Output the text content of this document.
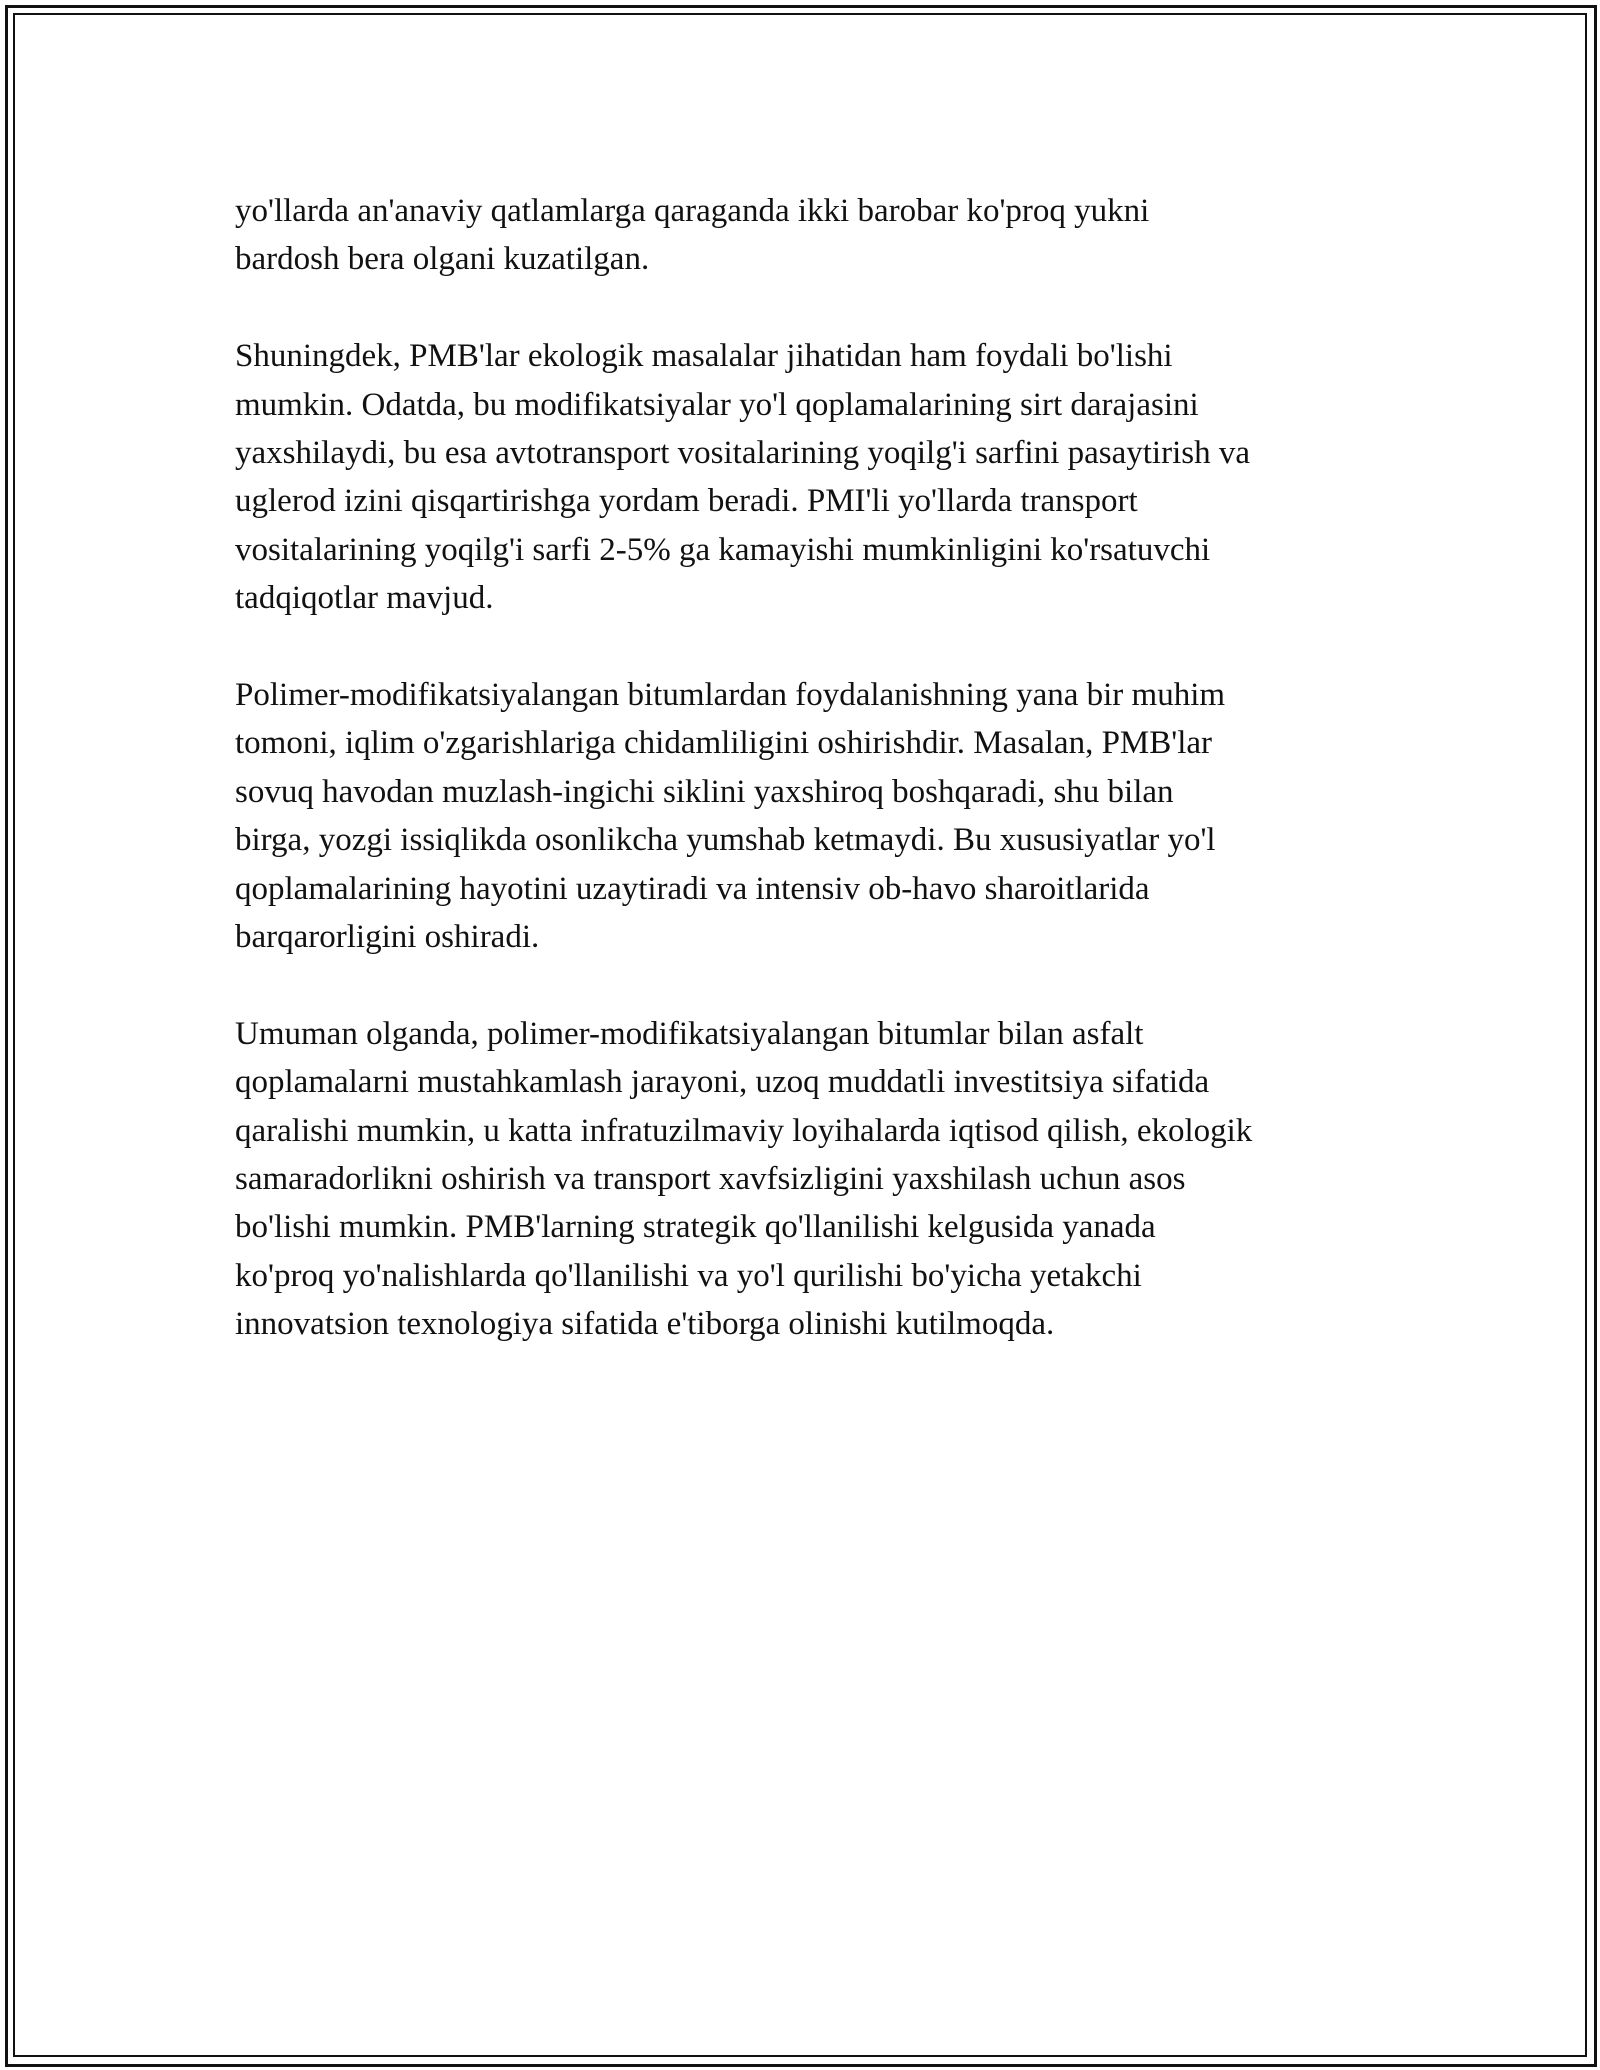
yo'llarda an'anaviy qatlamlarga qaraganda ikki barobar ko'proq yukni
bardosh bera olgani kuzatilgan.

Shuningdek, PMB'lar ekologik masalalar jihatidan ham foydali bo'lishi
mumkin. Odatda, bu modifikatsiyalar yo'l qoplamalarining sirt darajasini
yaxshilaydi, bu esa avtotransport vositalarining yoqilg'i sarfini pasaytirish va
uglerod izini qisqartirishga yordam beradi. PMI'li yo'llarda transport
vositalarining yoqilg'i sarfi 2-5% ga kamayishi mumkinligini ko'rsatuvchi
tadqiqotlar mavjud.

Polimer-modifikatsiyalangan bitumlardan foydalanishning yana bir muhim
tomoni, iqlim o'zgarishlariga chidamliligini oshirishdir. Masalan, PMB'lar
sovuq havodan muzlash-ingichi siklini yaxshiroq boshqaradi, shu bilan
birga, yozgi issiqlikda osonlikcha yumshab ketmaydi. Bu xususiyatlar yo'l
qoplamalarining hayotini uzaytiradi va intensiv ob-havo sharoitlarida
barqarorligini oshiradi.

Umuman olganda, polimer-modifikatsiyalangan bitumlar bilan asfalt
qoplamalarni mustahkamlash jarayoni, uzoq muddatli investitsiya sifatida
qaralishi mumkin, u katta infratuzilmaviy loyihalarda iqtisod qilish, ekologik
samaradorlikni oshirish va transport xavfsizligini yaxshilash uchun asos
bo'lishi mumkin. PMB'larning strategik qo'llanilishi kelgusida yanada
ko'proq yo'nalishlarda qo'llanilishi va yo'l qurilishi bo'yicha yetakchi
innovatsion texnologiya sifatida e'tiborga olinishi kutilmoqda.
